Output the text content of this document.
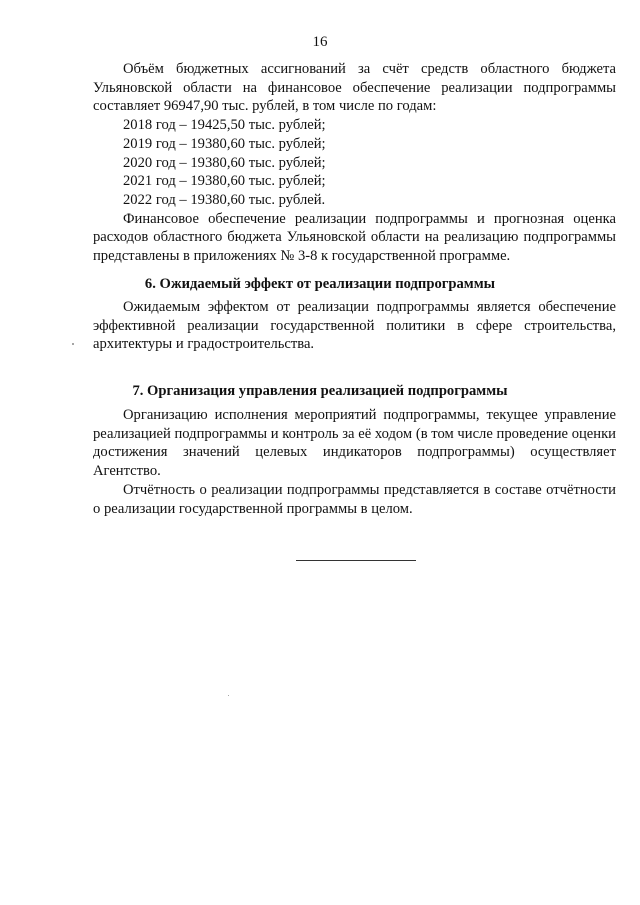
16

Объём бюджетных ассигнований за счёт средств областного бюджета Ульяновской области на финансовое обеспечение реализации подпрограммы составляет 96947,90 тыс. рублей, в том числе по годам:

2018 год – 19425,50 тыс. рублей;

2019 год – 19380,60 тыс. рублей;

2020 год – 19380,60 тыс. рублей;

2021 год – 19380,60 тыс. рублей;

2022 год – 19380,60 тыс. рублей.

Финансовое обеспечение реализации подпрограммы и прогнозная оценка расходов областного бюджета Ульяновской области на реализацию подпрограммы представлены в приложениях № 3-8 к государственной программе.

6. Ожидаемый эффект от реализации подпрограммы

Ожидаемым эффектом от реализации подпрограммы является обеспечение эффективной реализации государственной политики в сфере строительства, архитектуры и градостроительства.

7. Организация управления реализацией подпрограммы

Организацию исполнения мероприятий подпрограммы, текущее управление реализацией подпрограммы и контроль за её ходом (в том числе проведение оценки достижения значений целевых индикаторов подпрограммы) осуществляет Агентство.

Отчётность о реализации подпрограммы представляется в составе отчётности о реализации государственной программы в целом.
